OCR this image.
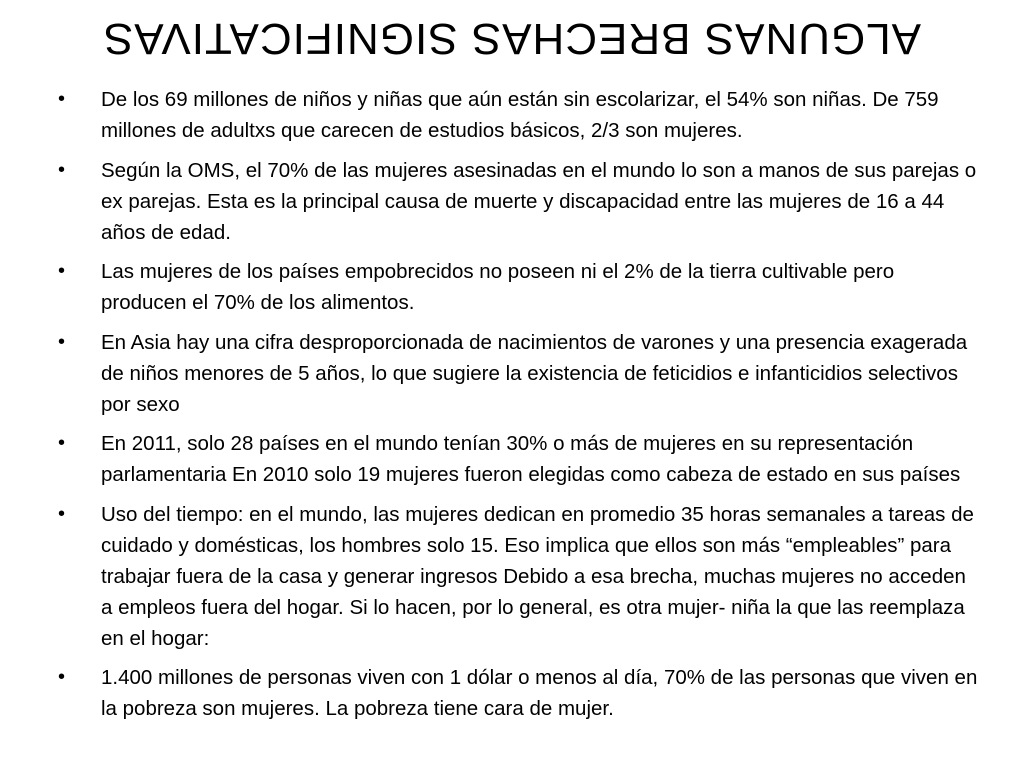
ALGUNAS BRECHAS SIGNIFICATIVAS
•	De los 69 millones de niños y niñas que aún están sin escolarizar, el 54% son niñas. De 759 millones de adultxs que carecen de estudios básicos, 2/3 son mujeres.
•	Según la OMS, el 70% de las mujeres asesinadas en el mundo lo son a manos de sus parejas o ex parejas. Esta es la principal causa de muerte y discapacidad entre las mujeres de 16 a 44 años de edad.
•	Las mujeres de los países empobrecidos no poseen ni el 2% de la tierra cultivable pero producen el 70% de los alimentos.
•	En Asia hay una cifra desproporcionada de nacimientos de varones y una presencia exagerada de niños menores de 5 años, lo que sugiere la existencia de feticidios e infanticidios selectivos por sexo
•	En 2011, solo 28 países en el mundo tenían 30% o más de mujeres en su representación parlamentaria En 2010 solo 19 mujeres fueron elegidas como cabeza de estado en sus países
•	Uso del tiempo: en el mundo, las mujeres dedican en promedio 35 horas semanales a tareas de cuidado y domésticas, los hombres solo 15. Eso implica que ellos son más “empleables” para trabajar fuera de la casa y generar ingresos Debido a esa brecha, muchas mujeres no acceden a empleos fuera del hogar. Si lo hacen, por lo general, es otra mujer- niña la que las reemplaza en el hogar:
•	1.400 millones de personas viven con 1 dólar o menos al día, 70% de las personas que viven en la pobreza son mujeres. La pobreza tiene cara de mujer.
